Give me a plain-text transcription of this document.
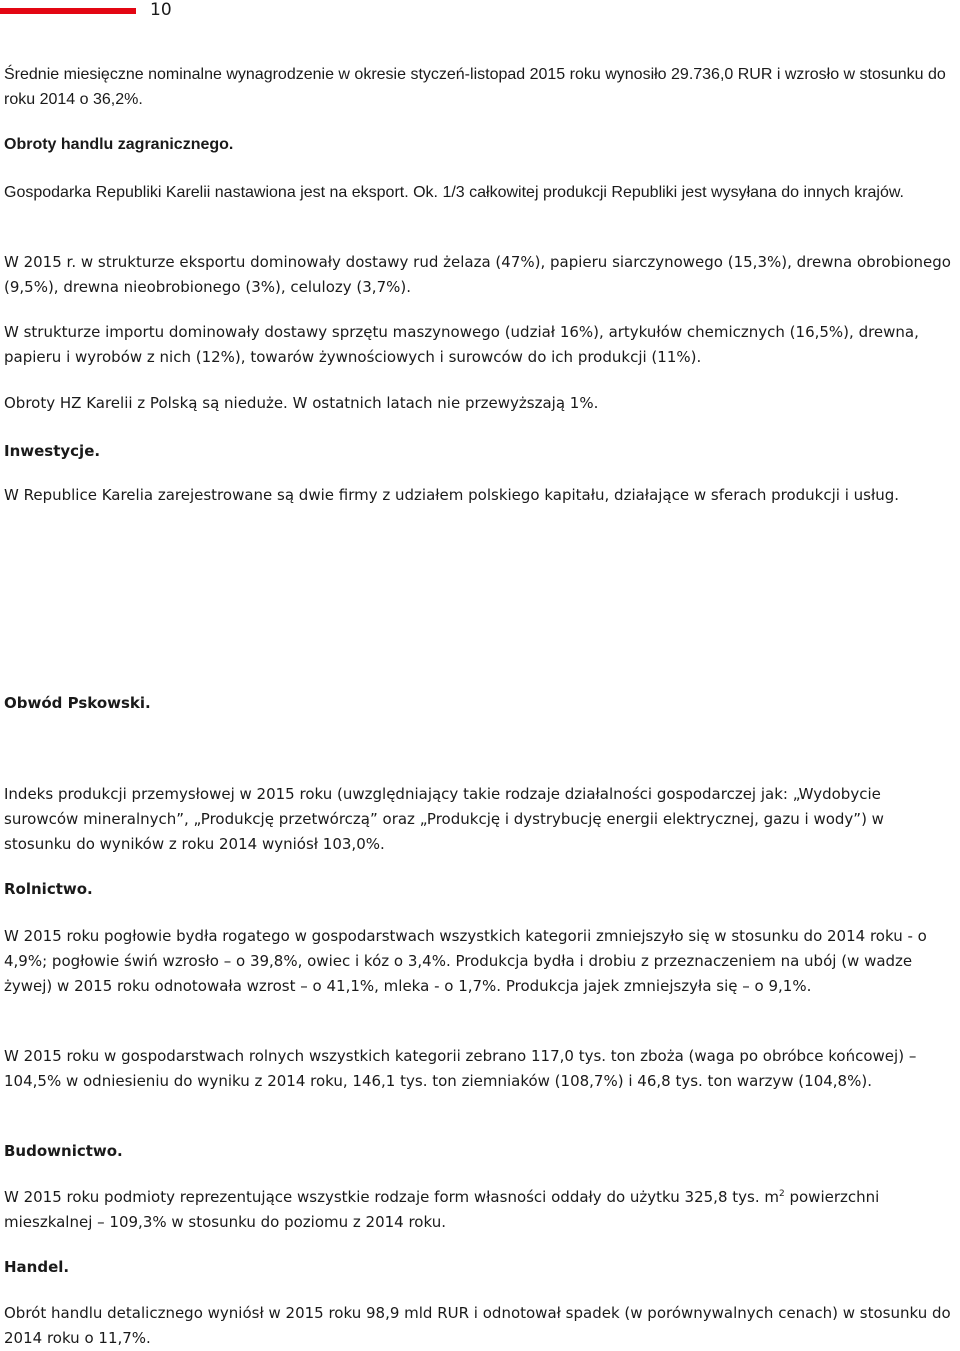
10

Średnie miesięczne nominalne wynagrodzenie w okresie styczeń-listopad 2015 roku wynosiło 29.736,0 RUR i wzrosło w stosunku do roku 2014 o 36,2%.

Obroty handlu zagranicznego.

Gospodarka Republiki Karelii nastawiona jest na eksport. Ok. 1/3 całkowitej produkcji Republiki jest wysyłana do innych krajów.

W 2015 r. w strukturze eksportu dominowały dostawy rud żelaza (47%), papieru siarczynowego (15,3%), drewna obrobionego (9,5%), drewna nieobrobionego (3%), celulozy (3,7%).

W strukturze importu dominowały dostawy sprzętu maszynowego (udział 16%), artykułów chemicznych (16,5%), drewna, papieru i wyrobów z nich (12%), towarów żywnościowych i surowców do ich produkcji (11%).

Obroty HZ Karelii z Polską są nieduże. W ostatnich latach nie przewyższają 1%.

Inwestycje.

W Republice Karelia zarejestrowane są dwie firmy z udziałem polskiego kapitału, działające w sferach produkcji i usług.

Obwód Pskowski.

Indeks produkcji przemysłowej w 2015 roku (uwzględniający takie rodzaje działalności gospodarczej jak: „Wydobycie surowców mineralnych”, „Produkcję przetwórczą” oraz „Produkcję i dystrybucję energii elektrycznej, gazu i wody”) w stosunku do wyników z roku 2014 wyniósł 103,0%.

Rolnictwo.

W 2015 roku pogłowie bydła rogatego w gospodarstwach wszystkich kategorii zmniejszyło się w stosunku do 2014 roku - o 4,9%; pogłowie świń wzrosło – o 39,8%, owiec i kóz o 3,4%. Produkcja bydła i drobiu z przeznaczeniem na ubój (w wadze żywej) w 2015 roku odnotowała wzrost – o 41,1%, mleka - o 1,7%. Produkcja jajek zmniejszyła się – o 9,1%.

W 2015 roku w gospodarstwach rolnych wszystkich kategorii zebrano 117,0 tys. ton zboża (waga po obróbce końcowej) – 104,5% w odniesieniu do wyniku z 2014 roku, 146,1 tys. ton ziemniaków (108,7%) i 46,8 tys. ton warzyw (104,8%).

Budownictwo.

W 2015 roku podmioty reprezentujące wszystkie rodzaje form własności oddały do użytku 325,8 tys. $m^2$ powierzchni mieszkalnej – 109,3% w stosunku do poziomu z 2014 roku.

Handel.

Obrót handlu detalicznego wyniósł w 2015 roku 98,9 mld RUR i odnotował spadek (w porównywalnych cenach) w stosunku do 2014 roku o 11,7%.
